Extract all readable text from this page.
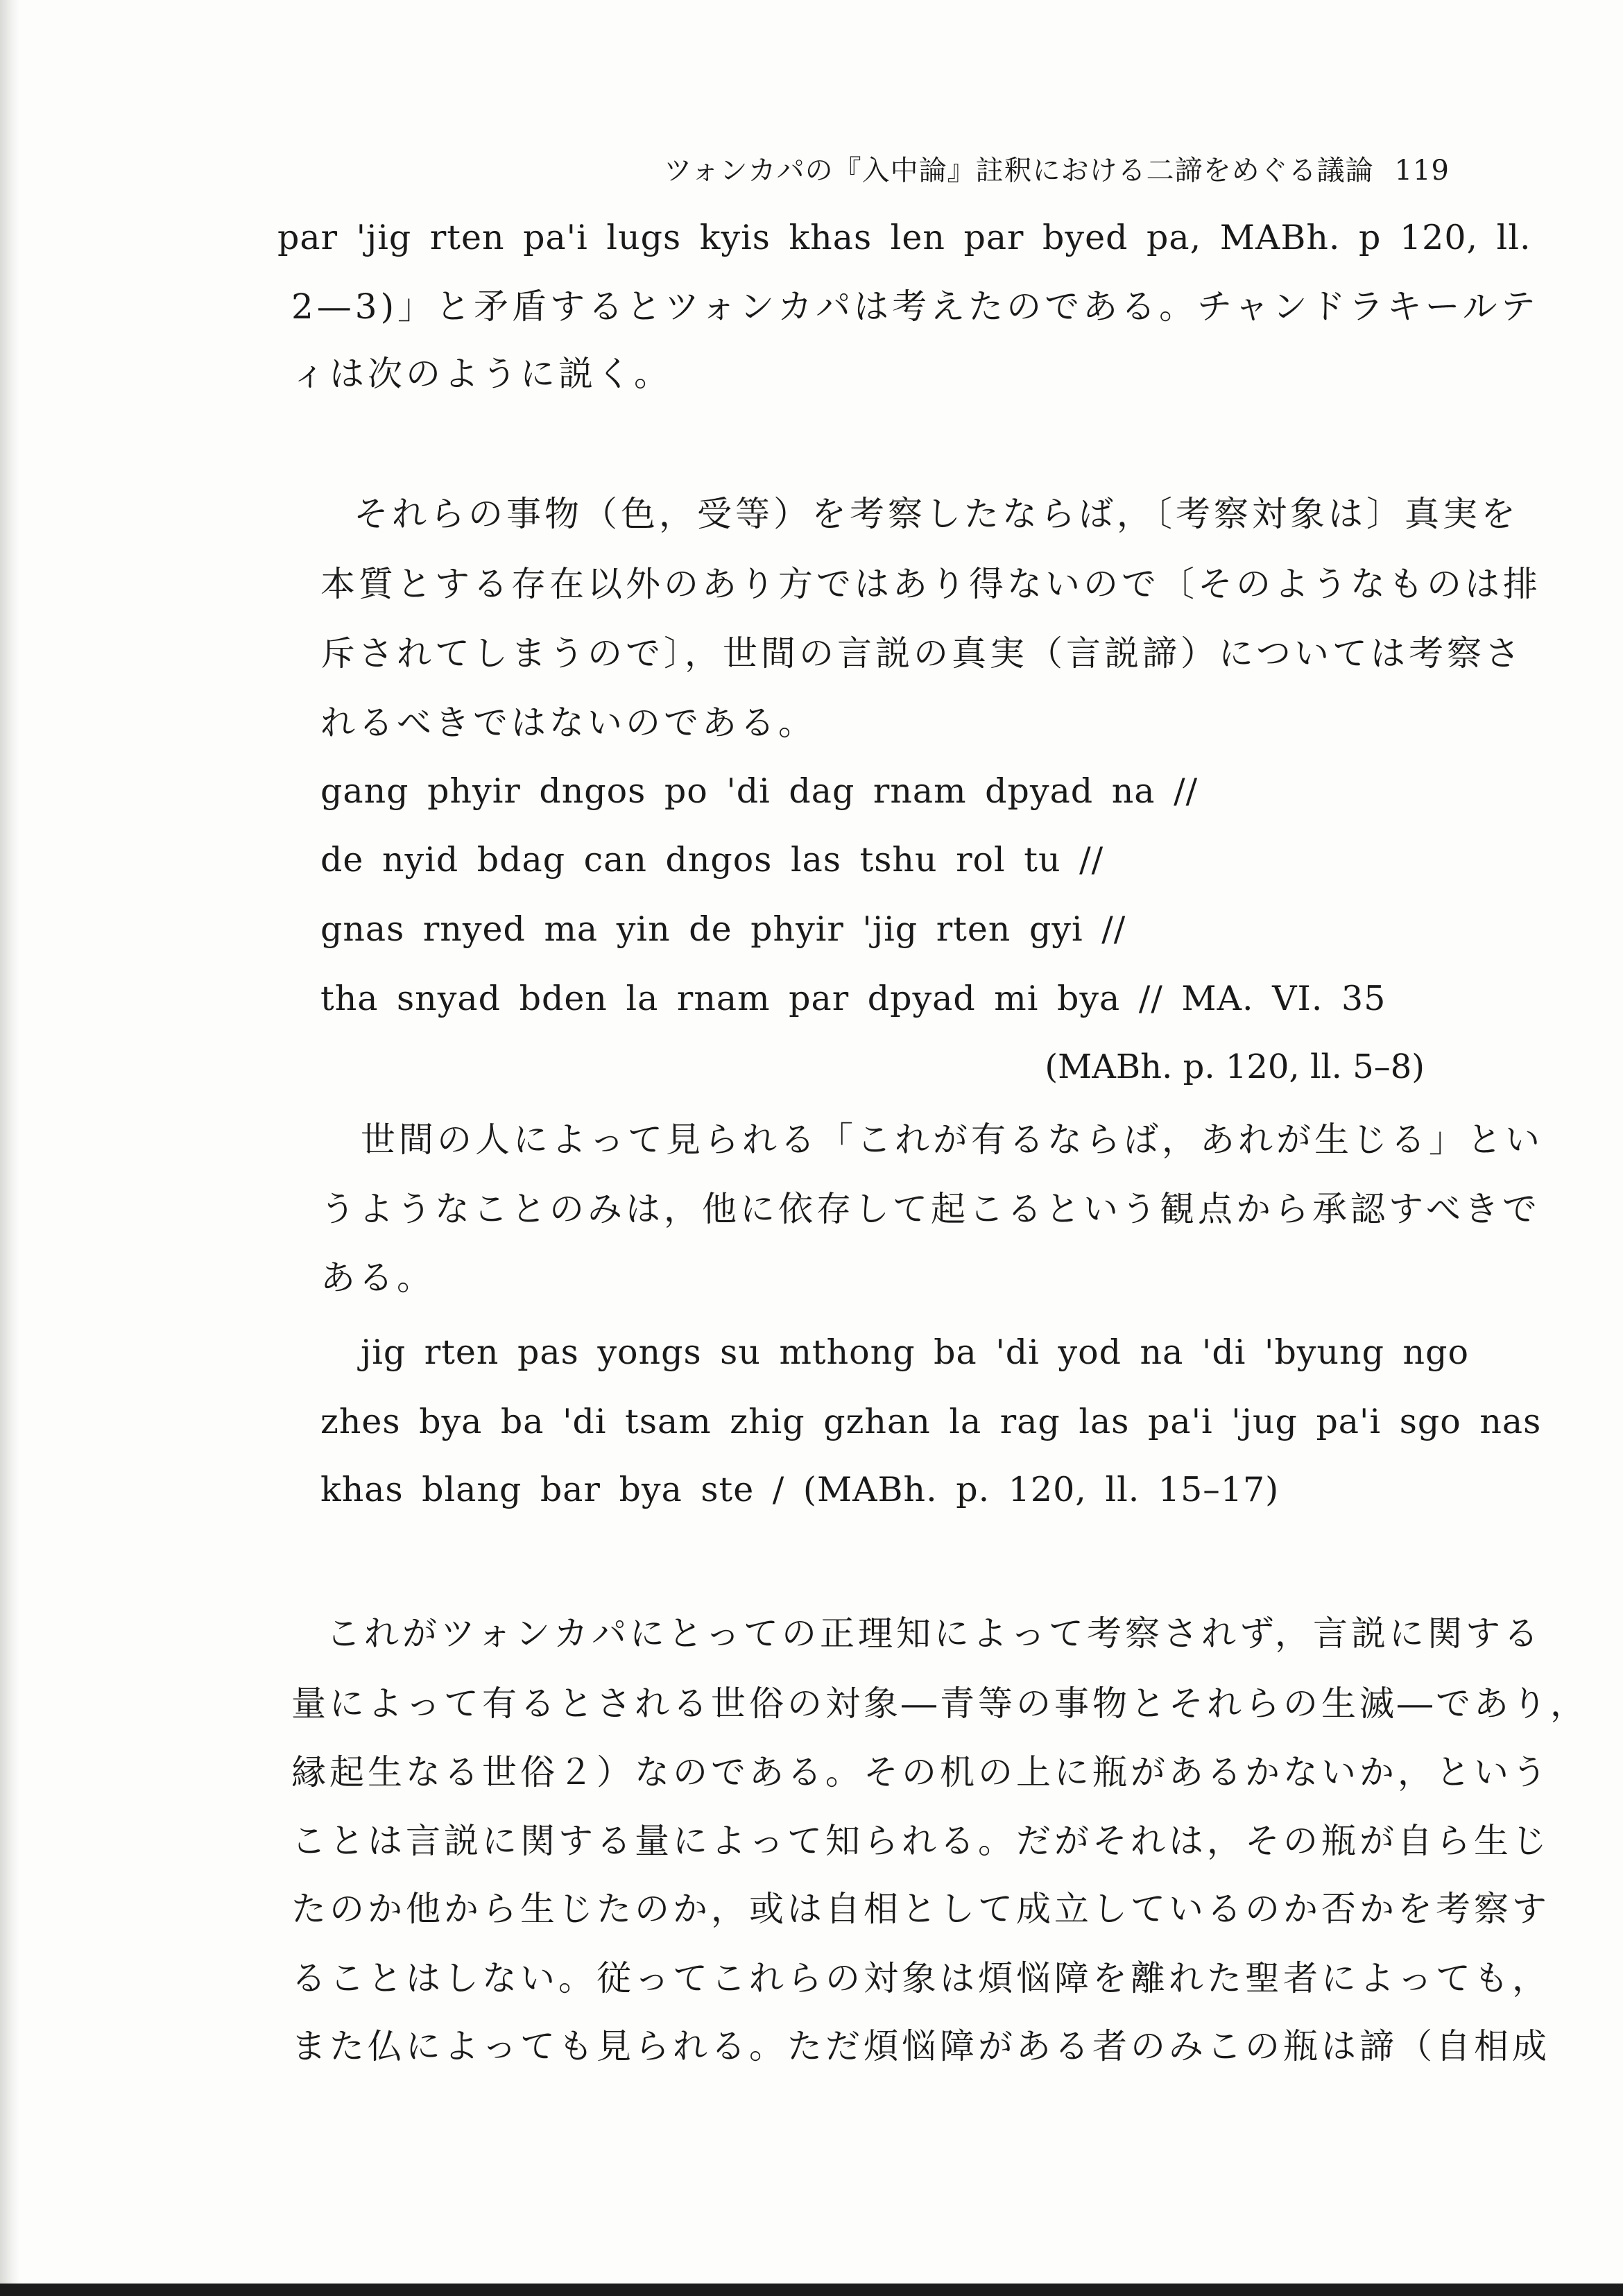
ツォンカパの『入中論』註釈における二諦をめぐる議論 119
par 'jig rten pa'i lugs kyis khas len par byed pa, MABh. p 120, ll.
2—3)」と矛盾するとツォンカパは考えたのである。チャンドラキールテ
ィは次のように説く。
それらの事物（色，受等）を考察したならば，〔考察対象は〕真実を
本質とする存在以外のあり方ではあり得ないので〔そのようなものは排
斥されてしまうので〕，世間の言説の真実（言説諦）については考察さ
れるべきではないのである。
gang phyir dngos po 'di dag rnam dpyad na //
de nyid bdag can dngos las tshu rol tu //
gnas rnyed ma yin de phyir 'jig rten gyi //
tha snyad bden la rnam par dpyad mi bya // MA. VI. 35
(MABh. p. 120, ll. 5–8)
世間の人によって見られる「これが有るならば，あれが生じる」とい
うようなことのみは，他に依存して起こるという観点から承認すべきで
ある。
jig rten pas yongs su mthong ba 'di yod na 'di 'byung ngo
zhes bya ba 'di tsam zhig gzhan la rag las pa'i 'jug pa'i sgo nas
khas blang bar bya ste / (MABh. p. 120, ll. 15–17)
これがツォンカパにとっての正理知によって考察されず，言説に関する
量によって有るとされる世俗の対象―青等の事物とそれらの生滅―であり，
縁起生なる世俗２）なのである。その机の上に瓶があるかないか，という
ことは言説に関する量によって知られる。だがそれは，その瓶が自ら生じ
たのか他から生じたのか，或は自相として成立しているのか否かを考察す
ることはしない。従ってこれらの対象は煩悩障を離れた聖者によっても，
また仏によっても見られる。ただ煩悩障がある者のみこの瓶は諦（自相成
